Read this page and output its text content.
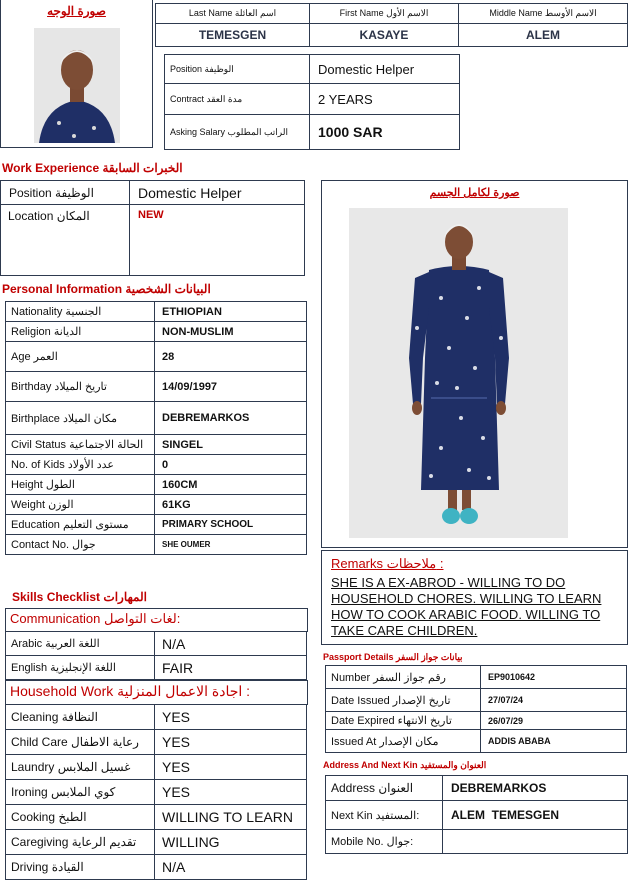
صورة الوجه	Last Name اسم العائلة	First Name الاسم الأول	Middle Name الاسم الأوسط
TEMESGEN	KASAYE	ALEM
Position الوظيفة	Domestic Helper
Contract مدة العقد	2 YEARS
Asking Salary الراتب المطلوب	1000 SAR
Work Experience الخبرات السابقة
Position الوظيفة	Domestic Helper
Location المكان	NEW
صورة لكامل الجسم
Personal Information البيانات الشخصية
Nationality الجنسية	ETHIOPIAN
Religion الديانة	NON-MUSLIM
Age العمر	28
Birthday تاريخ الميلاد	14/09/1997
Birthplace مكان الميلاد	DEBREMARKOS
Civil Status الحالة الاجتماعية	SINGEL
No. of Kids عدد الأولاد	0
Height الطول	160CM
Weight الوزن	61KG
Education مستوى التعليم	PRIMARY SCHOOL
Contact No. جوال	SHE OUMER
Skills Checklist المهارات
Communication لغات التواصل:
Arabic اللغة العربية	N/A
English اللغة الإنجليزية	FAIR
Household Work اجادة الاعمال المنزلية :
Cleaning النظافة	YES
Child Care رعاية الاطفال	YES
Laundry غسيل الملابس	YES
Ironing كوي الملابس	YES
Cooking الطبخ	WILLING TO LEARN
Caregiving تقديم الرعاية	WILLING
Driving القيادة	N/A
Remarks ملاحظات :
SHE IS A EX-ABROD - WILLING TO DO HOUSEHOLD CHORES. WILLING TO LEARN HOW TO COOK ARABIC FOOD. WILLING TO TAKE CARE CHILDREN.
Passport Details بيانات جواز السفر
Number رقم جواز السفر	EP9010642
Date Issued تاريخ الإصدار	27/07/24
Date Expired تاريخ الانتهاء	26/07/29
Issued At مكان الإصدار	ADDIS ABABA
Address And Next Kin العنوان والمستفيد
Address العنوان	DEBREMARKOS
Next Kin المستفيد:	ALEM  TEMESGEN
Mobile No. جوال:
